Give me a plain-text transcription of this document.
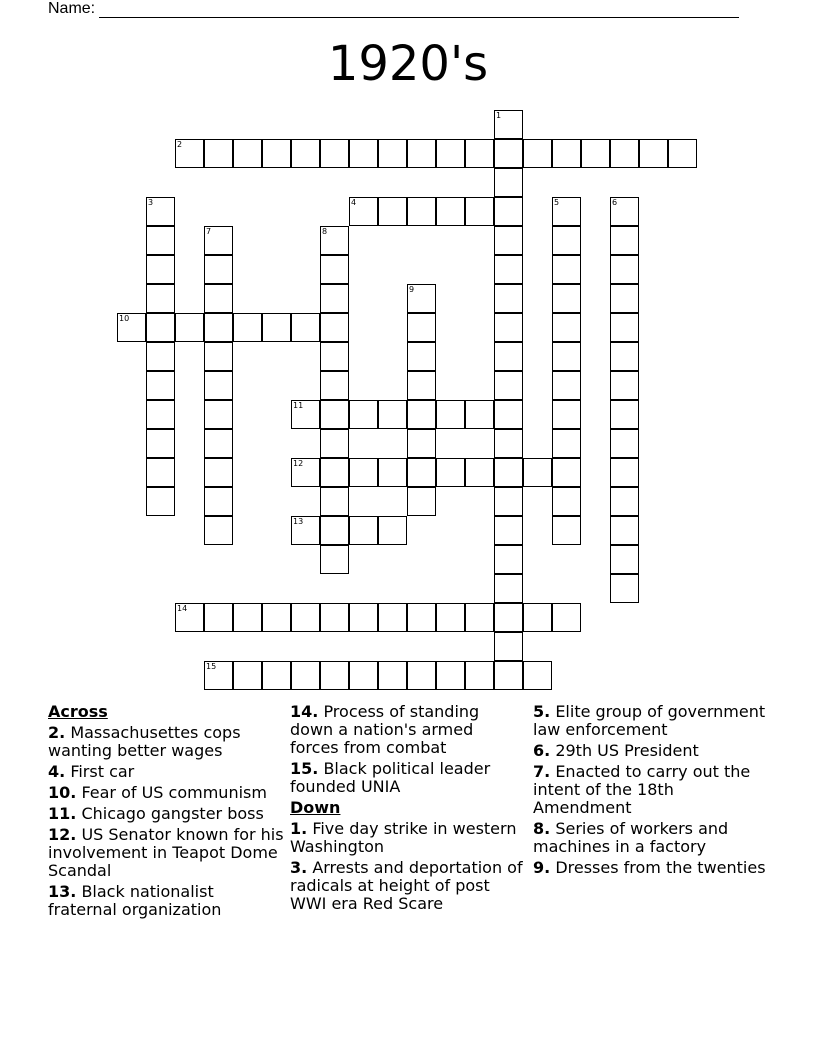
Name:
1920's
1
2
3	4	5	6
7	8
9
10
11
12
13
14
15
Across
2. Massachusettes cops wanting better wages
4. First car
10. Fear of US communism
11. Chicago gangster boss
12. US Senator known for his involvement in Teapot Dome Scandal
13. Black nationalist fraternal organization
14. Process of standing down a nation's armed forces from combat
15. Black political leader founded UNIA
Down
1. Five day strike in western Washington
3. Arrests and deportation of radicals at height of post WWI era Red Scare
5. Elite group of government law enforcement
6. 29th US President
7. Enacted to carry out the intent of the 18th Amendment
8. Series of workers and machines in a factory
9. Dresses from the twenties
